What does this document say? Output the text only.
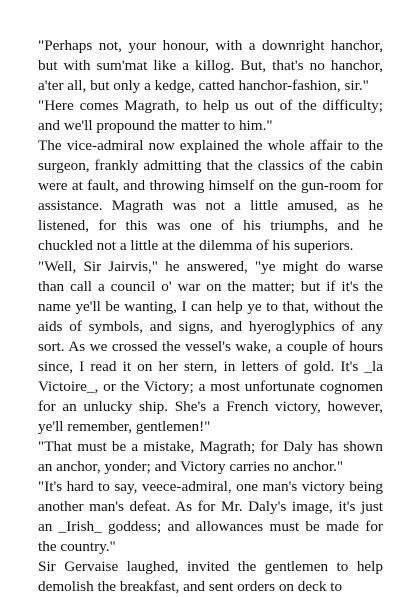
"Perhaps not, your honour, with a downright hanchor, but with sum'mat like a killog. But, that's no hanchor, a'ter all, but only a kedge, catted hanchor-fashion, sir."

"Here comes Magrath, to help us out of the difficulty; and we'll propound the matter to him."

The vice-admiral now explained the whole affair to the surgeon, frankly admitting that the classics of the cabin were at fault, and throwing himself on the gun-room for assistance. Magrath was not a little amused, as he listened, for this was one of his triumphs, and he chuckled not a little at the dilemma of his superiors.

"Well, Sir Jairvis," he answered, "ye might do warse than call a council o' war on the matter; but if it's the name ye'll be wanting, I can help ye to that, without the aids of symbols, and signs, and hyeroglyphics of any sort. As we crossed the vessel's wake, a couple of hours since, I read it on her stern, in letters of gold. It's _la Victoire_, or the Victory; a most unfortunate cognomen for an unlucky ship. She's a French victory, however, ye'll remember, gentlemen!"

"That must be a mistake, Magrath; for Daly has shown an anchor, yonder; and Victory carries no anchor."

"It's hard to say, veece-admiral, one man's victory being another man's defeat. As for Mr. Daly's image, it's just an _Irish_ goddess; and allowances must be made for the country."

Sir Gervaise laughed, invited the gentlemen to help demolish the breakfast, and sent orders on deck to
